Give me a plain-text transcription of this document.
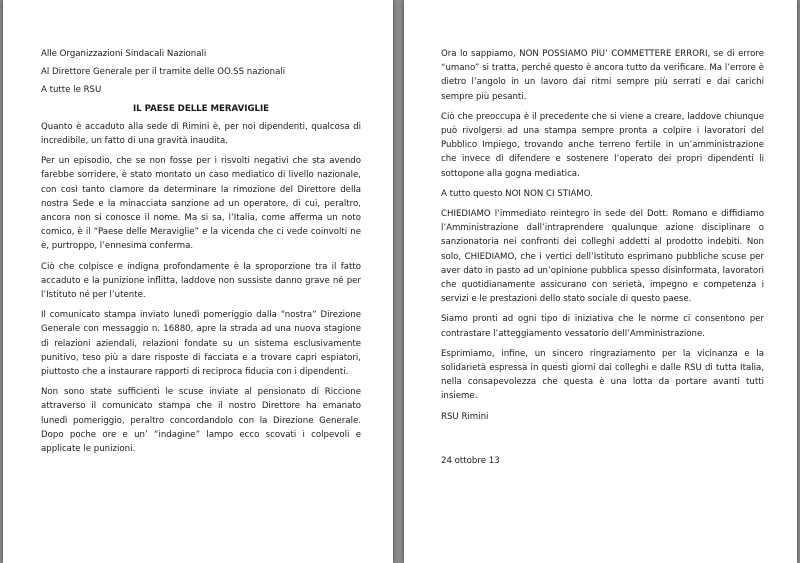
Alle Organizzazioni Sindacali Nazionali
Al Direttore Generale per il tramite delle OO.SS nazionali
A tutte le RSU
IL PAESE DELLE MERAVIGLIE

Quanto è accaduto alla sede di Rimini è, per noi dipendenti, qualcosa di incredibile, un fatto di una gravità inaudita.

Per un episodio, che se non fosse per i risvolti negativi che sta avendo farebbe sorridere, è stato montato un caso mediatico di livello nazionale, con così tanto clamore da determinare la rimozione del Direttore della nostra Sede e la minacciata sanzione ad un operatore, di cui, peraltro, ancora non si conosce il nome. Ma si sa, l’Italia, come afferma un noto comico, è il “Paese delle Meraviglie” e la vicenda che ci vede coinvolti ne è, purtroppo, l’ennesima conferma.

Ciò che colpisce e indigna profondamente è la sproporzione tra il fatto accaduto e la punizione inflitta, laddove non sussiste danno grave né per l’Istituto né per l’utente.

Il comunicato stampa inviato lunedì pomeriggio dalla “nostra” Direzione Generale con messaggio n. 16880, apre la strada ad una nuova stagione di relazioni aziendali, relazioni fondate su un sistema esclusivamente punitivo, teso più a dare risposte di facciata e a trovare capri espiatori, piuttosto che a instaurare rapporti di reciproca fiducia con i dipendenti.

Non sono state sufficienti le scuse inviate al pensionato di Riccione attraverso il comunicato stampa che il nostro Direttore ha emanato lunedì pomeriggio, peraltro concordandolo con la Direzione Generale. Dopo poche ore e un’ “indagine” lampo ecco scovati i colpevoli e applicate le punizioni.

Ora lo sappiamo, NON POSSIAMO PIU’ COMMETTERE ERRORI, se di errore “umano” si tratta, perché questo è ancora tutto da verificare. Ma l’errore è dietro l’angolo in un lavoro dai ritmi sempre più serrati e dai carichi sempre più pesanti.

Ciò che preoccupa è il precedente che si viene a creare, laddove chiunque può rivolgersi ad una stampa sempre pronta a colpire i lavoratori del Pubblico Impiego, trovando anche terreno fertile in un’amministrazione che invece di difendere e sostenere l’operato dei propri dipendenti li sottopone alla gogna mediatica.

A tutto questo NOI NON CI STIAMO.

CHIEDIAMO l’immediato reintegro in sede del Dott. Romano e diffidiamo l’Amministrazione dall’intraprendere qualunque azione disciplinare o sanzionatoria nei confronti dei colleghi addetti al prodotto indebiti. Non solo, CHIEDIAMO, che i vertici dell’Istituto esprimano pubbliche scuse per aver dato in pasto ad un’opinione pubblica spesso disinformata, lavoratori che quotidianamente assicurano con serietà, impegno e competenza i servizi e le prestazioni dello stato sociale di questo paese.

Siamo pronti ad ogni tipo di iniziativa che le norme ci consentono per contrastare l’atteggiamento vessatorio dell’Amministrazione.

Esprimiamo, infine, un sincero ringraziamento per la vicinanza e la solidarietà espressa in questi giorni dai colleghi e dalle RSU di tutta Italia, nella consapevolezza che questa è una lotta da portare avanti tutti insieme.

RSU Rimini
24 ottobre 13
